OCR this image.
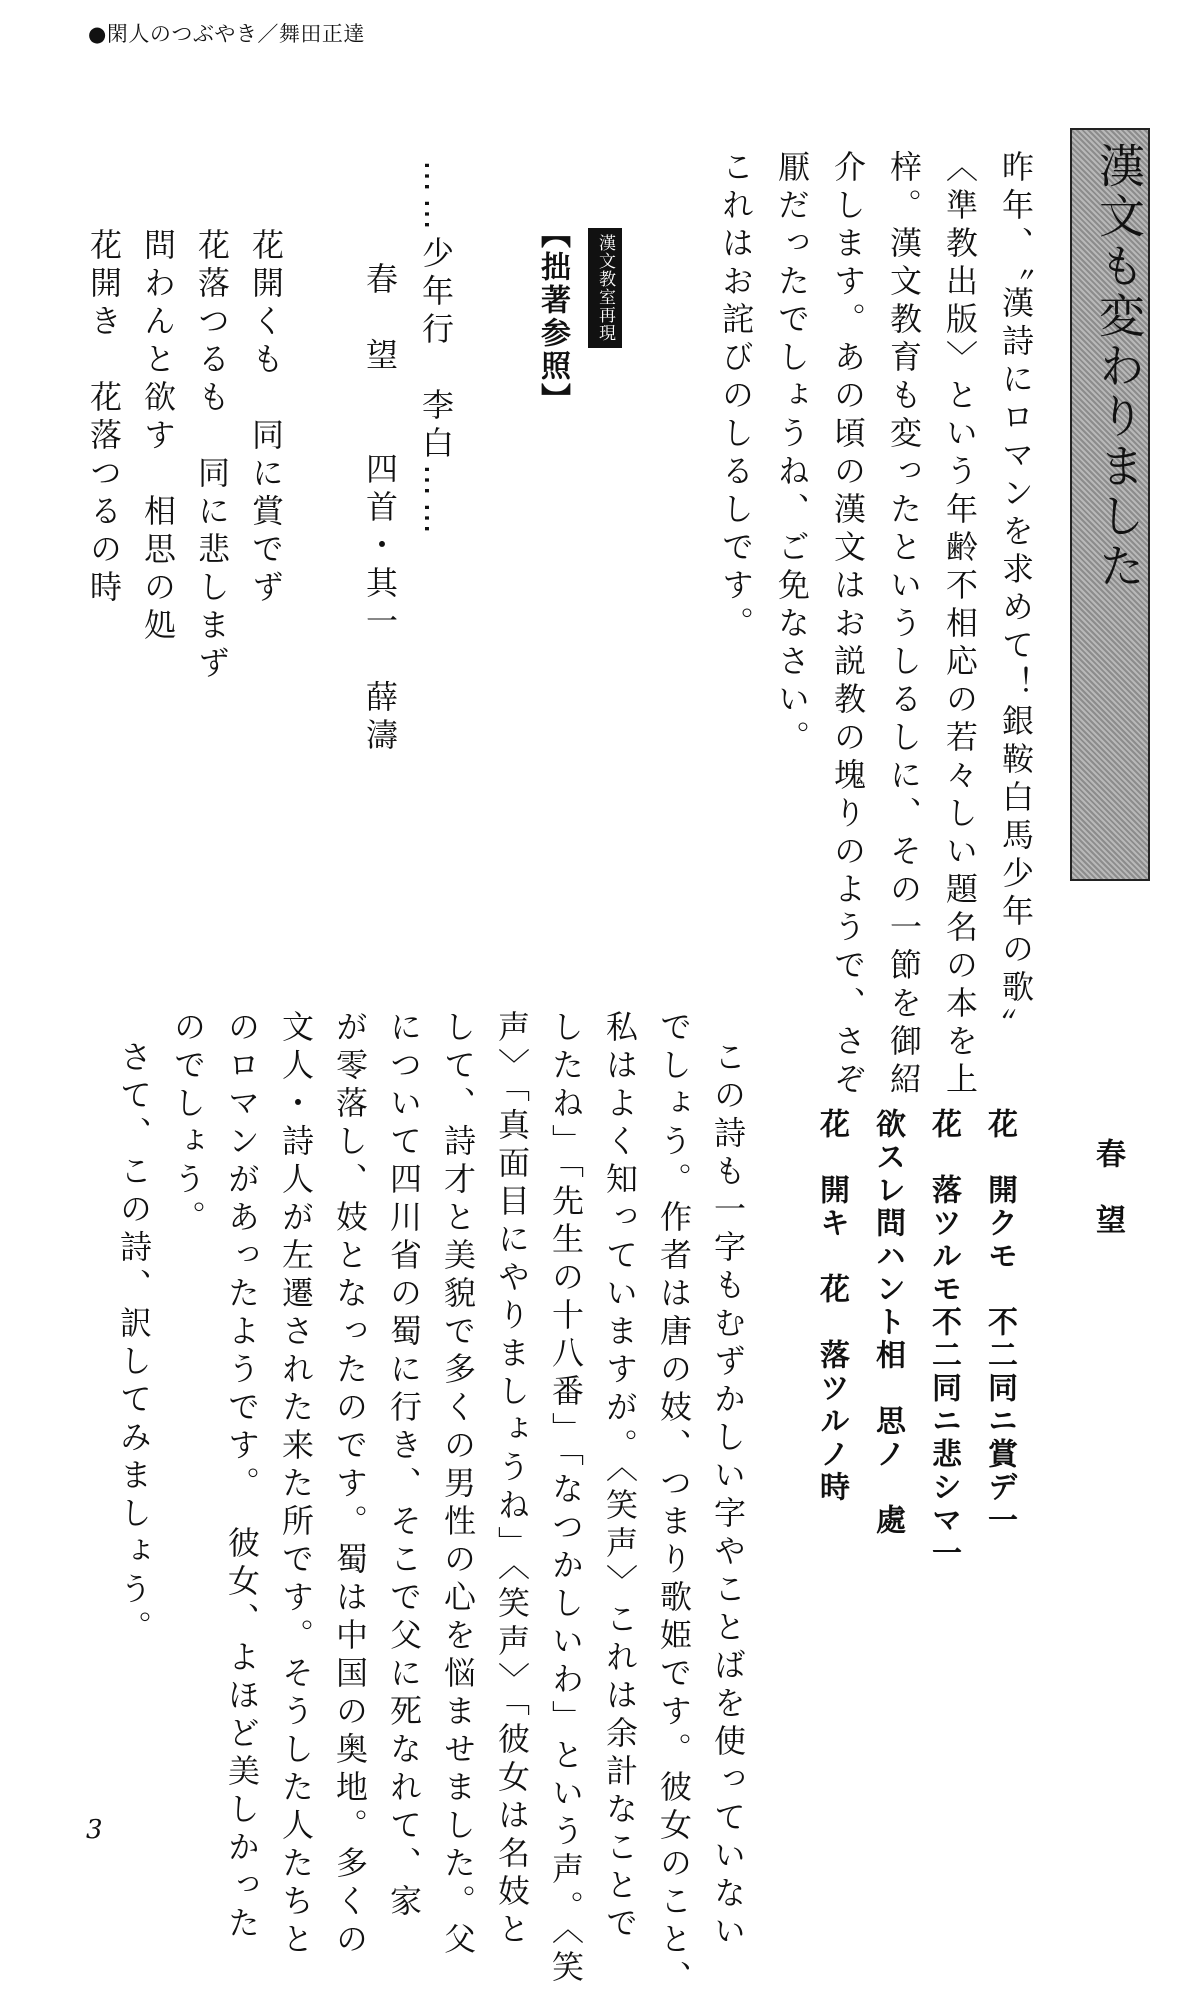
●閑人のつぶやき／舞田正達
漢文も変わりました
昨年、〝漢詩にロマンを求めて！銀鞍白馬少年の歌〟
〈準教出版〉という年齢不相応の若々しい題名の本を上
梓。漢文教育も変ったというしるしに、その一節を御紹
介します。あの頃の漢文はお説教の塊りのようで、さぞ
厭だったでしょうね、ご免なさい。
これはお詫びのしるしです。
漢文教室再現
【拙著参照】
……少年行　李白……
春　望　　四首・其一
薛濤
花開くも　同に賞でず
花落つるも　同に悲しまず
問わんと欲す　相思の処
花開き　花落つるの時
春　望
花　開クモ　不二同ニ賞デ一
花　落ツルモ不二同ニ悲シマ一
欲スレ問ハント相　思ノ　處
花　開キ　花　落ツルノ時
この詩も一字もむずかしい字やことばを使っていない
でしょう。作者は唐の妓、つまり歌姫です。彼女のこと、
私はよく知っていますが。〈笑声〉これは余計なことで
したね」「先生の十八番」「なつかしいわ」という声。〈笑
声〉「真面目にやりましょうね」〈笑声〉「彼女は名妓と
して、詩才と美貌で多くの男性の心を悩ませました。父
について四川省の蜀に行き、そこで父に死なれて、家
が零落し、妓となったのです。蜀は中国の奥地。多くの
文人・詩人が左遷された来た所です。そうした人たちと
のロマンがあったようです。　彼女、よほど美しかった
のでしょう。
さて、この詩、訳してみましょう。
3
